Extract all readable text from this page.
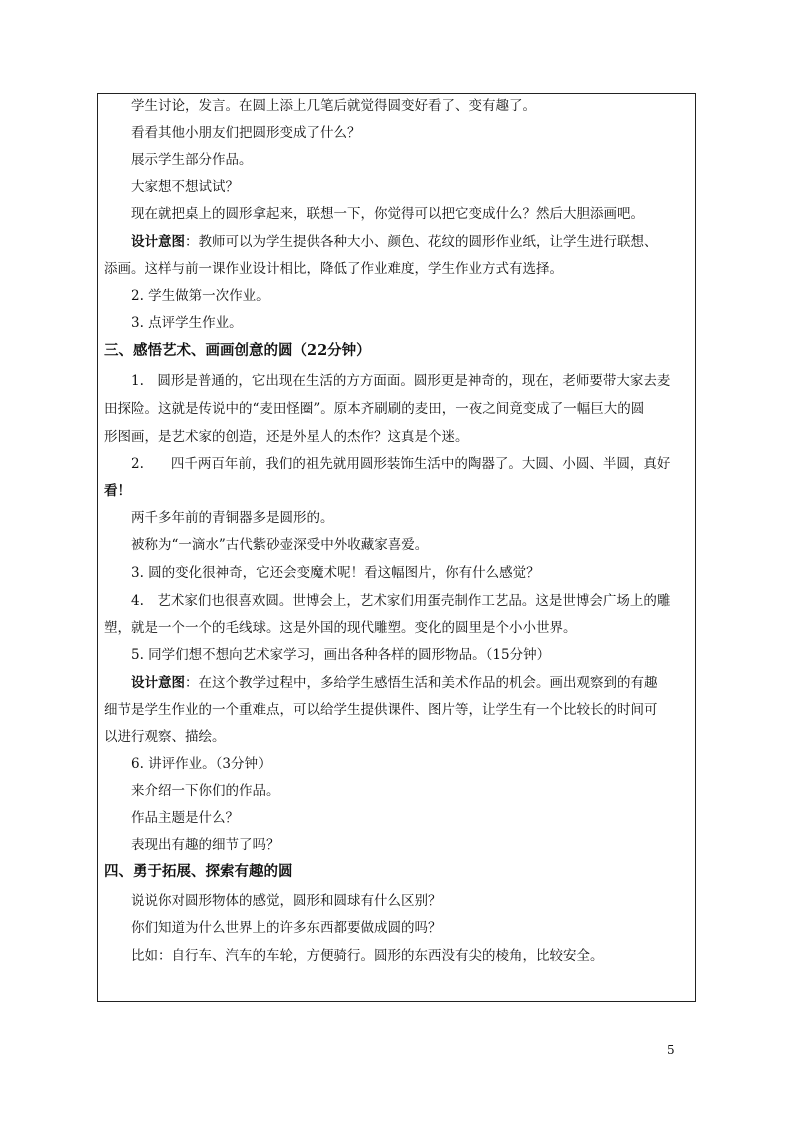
学生讨论，发言。在圆上添上几笔后就觉得圆变好看了、变有趣了。
看看其他小朋友们把圆形变成了什么？
展示学生部分作品。
大家想不想试试？
现在就把桌上的圆形拿起来，联想一下，你觉得可以把它变成什么？然后大胆添画吧。
设计意图：教师可以为学生提供各种大小、颜色、花纹的圆形作业纸，让学生进行联想、
添画。这样与前一课作业设计相比，降低了作业难度，学生作业方式有选择。
2. 学生做第一次作业。
3. 点评学生作业。
三、感悟艺术、画画创意的圆（22分钟）
1.　圆形是普通的，它出现在生活的方方面面。圆形更是神奇的，现在，老师要带大家去麦
田探险。这就是传说中的“麦田怪圈”。原本齐刷刷的麦田，一夜之间竟变成了一幅巨大的圆
形图画，是艺术家的创造，还是外星人的杰作？这真是个迷。
2.　　四千两百年前，我们的祖先就用圆形装饰生活中的陶器了。大圆、小圆、半圆，真好
看！
两千多年前的青铜器多是圆形的。
被称为“一滴水”古代紫砂壶深受中外收藏家喜爱。
3. 圆的变化很神奇，它还会变魔术呢！看这幅图片，你有什么感觉？
4.　艺术家们也很喜欢圆。世博会上，艺术家们用蛋壳制作工艺品。这是世博会广场上的雕
塑，就是一个一个的毛线球。这是外国的现代雕塑。变化的圆里是个小小世界。
5. 同学们想不想向艺术家学习，画出各种各样的圆形物品。（15分钟）
设计意图：在这个教学过程中，多给学生感悟生活和美术作品的机会。画出观察到的有趣
细节是学生作业的一个重难点，可以给学生提供课件、图片等，让学生有一个比较长的时间可
以进行观察、描绘。
6. 讲评作业。（3分钟）
来介绍一下你们的作品。
作品主题是什么？
表现出有趣的细节了吗？
四、勇于拓展、探索有趣的圆
说说你对圆形物体的感觉，圆形和圆球有什么区别？
你们知道为什么世界上的许多东西都要做成圆的吗？
比如：自行车、汽车的车轮，方便骑行。圆形的东西没有尖的棱角，比较安全。
5
